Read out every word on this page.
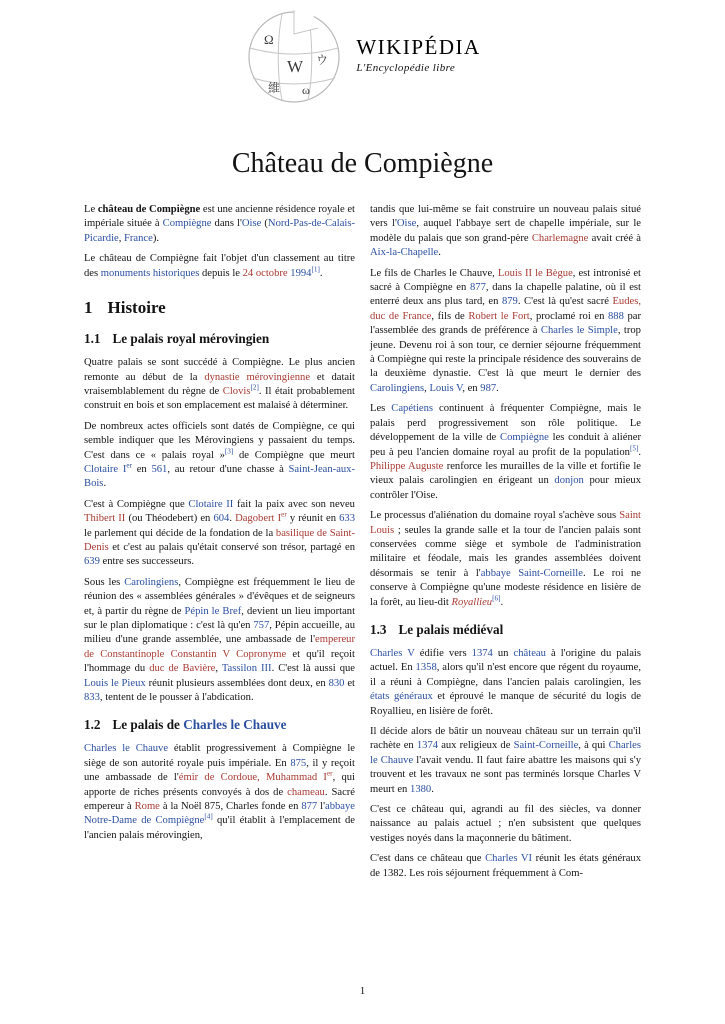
Ω
W ウ
維 ω
WIKIPÉDIA
L'Encyclopédie libre
Château de Compiègne

Le château de Compiègne est une ancienne résidence royale et impériale située à Compiègne dans l'Oise (Nord-Pas-de-Calais-Picardie, France).

Le château de Compiègne fait l'objet d'un classement au titre des monuments historiques depuis le 24 octobre 1994[1].

1 Histoire
1.1 Le palais royal mérovingien

Quatre palais se sont succédé à Compiègne. Le plus ancien remonte au début de la dynastie mérovingienne et datait vraisemblablement du règne de Clovis[2]. Il était probablement construit en bois et son emplacement est malaisé à déterminer.

De nombreux actes officiels sont datés de Compiègne, ce qui semble indiquer que les Mérovingiens y passaient du temps. C'est dans ce « palais royal »[3] de Compiègne que meurt Clotaire Ier en 561, au retour d'une chasse à Saint-Jean-aux-Bois.

C'est à Compiègne que Clotaire II fait la paix avec son neveu Thibert II (ou Théodebert) en 604. Dagobert Ier y réunit en 633 le parlement qui décide de la fondation de la basilique de Saint-Denis et c'est au palais qu'était conservé son trésor, partagé en 639 entre ses successeurs.

Sous les Carolingiens, Compiègne est fréquemment le lieu de réunion des « assemblées générales » d'évêques et de seigneurs et, à partir du règne de Pépin le Bref, devient un lieu important sur le plan diplomatique : c'est là qu'en 757, Pépin accueille, au milieu d'une grande assemblée, une ambassade de l'empereur de Constantinople Constantin V Copronyme et qu'il reçoit l'hommage du duc de Bavière, Tassilon III. C'est là aussi que Louis le Pieux réunit plusieurs assemblées dont deux, en 830 et 833, tentent de le pousser à l'abdication.

1.2 Le palais de Charles le Chauve

Charles le Chauve établit progressivement à Compiègne le siège de son autorité royale puis impériale. En 875, il y reçoit une ambassade de l'émir de Cordoue, Muhammad Ier, qui apporte de riches présents convoyés à dos de chameau. Sacré empereur à Rome à la Noël 875, Charles fonde en 877 l'abbaye Notre-Dame de Compiègne[4] qu'il établit à l'emplacement de l'ancien palais mérovingien,

tandis que lui-même se fait construire un nouveau palais situé vers l'Oise, auquel l'abbaye sert de chapelle impériale, sur le modèle du palais que son grand-père Charlemagne avait créé à Aix-la-Chapelle.

Le fils de Charles le Chauve, Louis II le Bègue, est intronisé et sacré à Compiègne en 877, dans la chapelle palatine, où il est enterré deux ans plus tard, en 879. C'est là qu'est sacré Eudes, duc de France, fils de Robert le Fort, proclamé roi en 888 par l'assemblée des grands de préférence à Charles le Simple, trop jeune. Devenu roi à son tour, ce dernier séjourne fréquemment à Compiègne qui reste la principale résidence des souverains de la deuxième dynastie. C'est là que meurt le dernier des Carolingiens, Louis V, en 987.

Les Capétiens continuent à fréquenter Compiègne, mais le palais perd progressivement son rôle politique. Le développement de la ville de Compiègne les conduit à aliéner peu à peu l'ancien domaine royal au profit de la population[5]. Philippe Auguste renforce les murailles de la ville et fortifie le vieux palais carolingien en érigeant un donjon pour mieux contrôler l'Oise.

Le processus d'aliénation du domaine royal s'achève sous Saint Louis ; seules la grande salle et la tour de l'ancien palais sont conservées comme siège et symbole de l'administration militaire et féodale, mais les grandes assemblées doivent désormais se tenir à l'abbaye Saint-Corneille. Le roi ne conserve à Compiègne qu'une modeste résidence en lisière de la forêt, au lieu-dit Royallieu[6].

1.3 Le palais médiéval

Charles V édifie vers 1374 un château à l'origine du palais actuel. En 1358, alors qu'il n'est encore que régent du royaume, il a réuni à Compiègne, dans l'ancien palais carolingien, les états généraux et éprouvé le manque de sécurité du logis de Royallieu, en lisière de forêt.

Il décide alors de bâtir un nouveau château sur un terrain qu'il rachète en 1374 aux religieux de Saint-Corneille, à qui Charles le Chauve l'avait vendu. Il faut faire abattre les maisons qui s'y trouvent et les travaux ne sont pas terminés lorsque Charles V meurt en 1380.

C'est ce château qui, agrandi au fil des siècles, va donner naissance au palais actuel ; n'en subsistent que quelques vestiges noyés dans la maçonnerie du bâtiment.

C'est dans ce château que Charles VI réunit les états généraux de 1382. Les rois séjournent fréquemment à Com-

1
